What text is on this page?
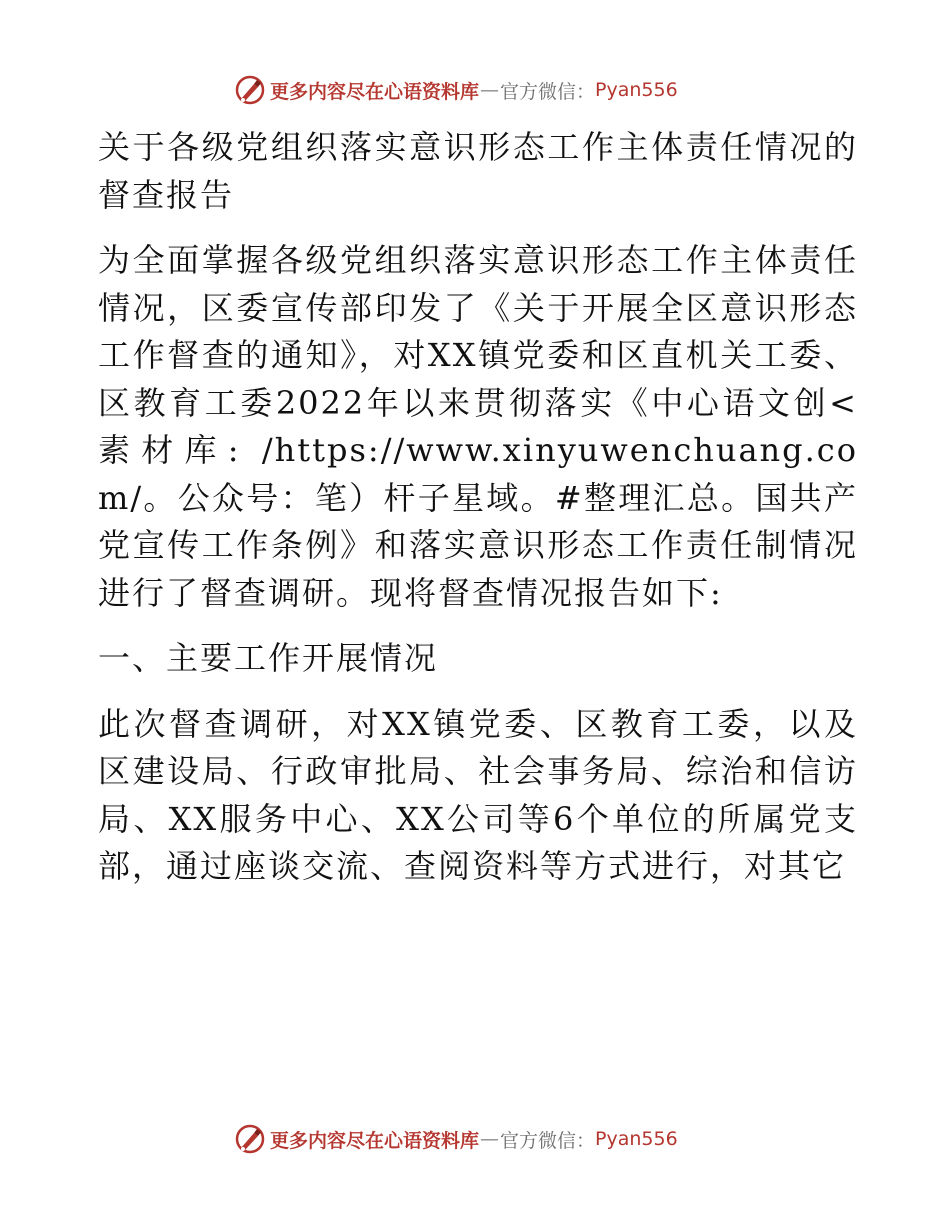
更多内容尽在心语资料库 — 官方微信： Pyan556

关于各级党组织落实意识形态工作主体责任情况的督查报告

为全面掌握各级党组织落实意识形态工作主体责任情况，区委宣传部印发了《关于开展全区意识形态工作督查的通知》，对XX镇党委和区直机关工委、区教育工委2022年以来贯彻落实《中心语文创<素材库: /https://www.xinyuwenchuang.com/。公众号：笔）杆子星域。#整理汇总。国共产党宣传工作条例》和落实意识形态工作责任制情况进行了督查调研。现将督查情况报告如下:

一、主要工作开展情况

此次督查调研，对XX镇党委、区教育工委，以及区建设局、行政审批局、社会事务局、综治和信访局、XX服务中心、XX公司等6个单位的所属党支部，通过座谈交流、查阅资料等方式进行，对其它

更多内容尽在心语资料库 — 官方微信： Pyan556
